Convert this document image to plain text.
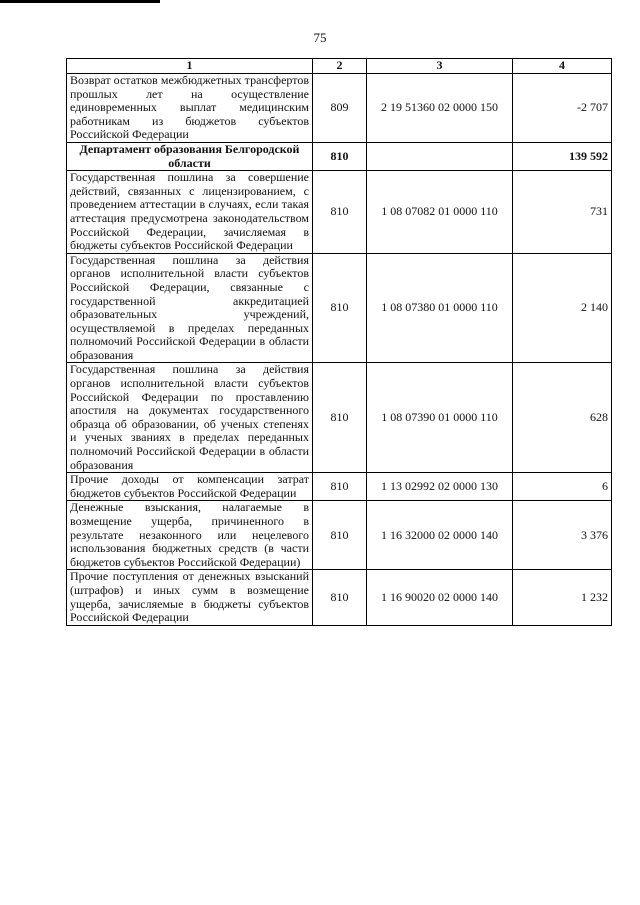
75
1	2	3	4
Возврат остатков межбюджетных трансфертов прошлых лет на осуществление единовременных выплат медицинским работникам из бюджетов субъектов Российской Федерации	809	2 19 51360 02 0000 150	-2 707
Департамент образования Белгородской области	810		139 592
Государственная пошлина за совершение действий, связанных с лицензированием, с проведением аттестации в случаях, если такая аттестация предусмотрена законодательством Российской Федерации, зачисляемая в бюджеты субъектов Российской Федерации	810	1 08 07082 01 0000 110	731
Государственная пошлина за действия органов исполнительной власти субъектов Российской Федерации, связанные с государственной аккредитацией образовательных учреждений, осуществляемой в пределах переданных полномочий Российской Федерации в области образования	810	1 08 07380 01 0000 110	2 140
Государственная пошлина за действия органов исполнительной власти субъектов Российской Федерации по проставлению апостиля на документах государственного образца об образовании, об ученых степенях и ученых званиях в пределах переданных полномочий Российской Федерации в области образования	810	1 08 07390 01 0000 110	628
Прочие доходы от компенсации затрат бюджетов субъектов Российской Федерации	810	1 13 02992 02 0000 130	6
Денежные взыскания, налагаемые в возмещение ущерба, причиненного в результате незаконного или нецелевого использования бюджетных средств (в части бюджетов субъектов Российской Федерации)	810	1 16 32000 02 0000 140	3 376
Прочие поступления от денежных взысканий (штрафов) и иных сумм в возмещение ущерба, зачисляемые в бюджеты субъектов Российской Федерации	810	1 16 90020 02 0000 140	1 232
